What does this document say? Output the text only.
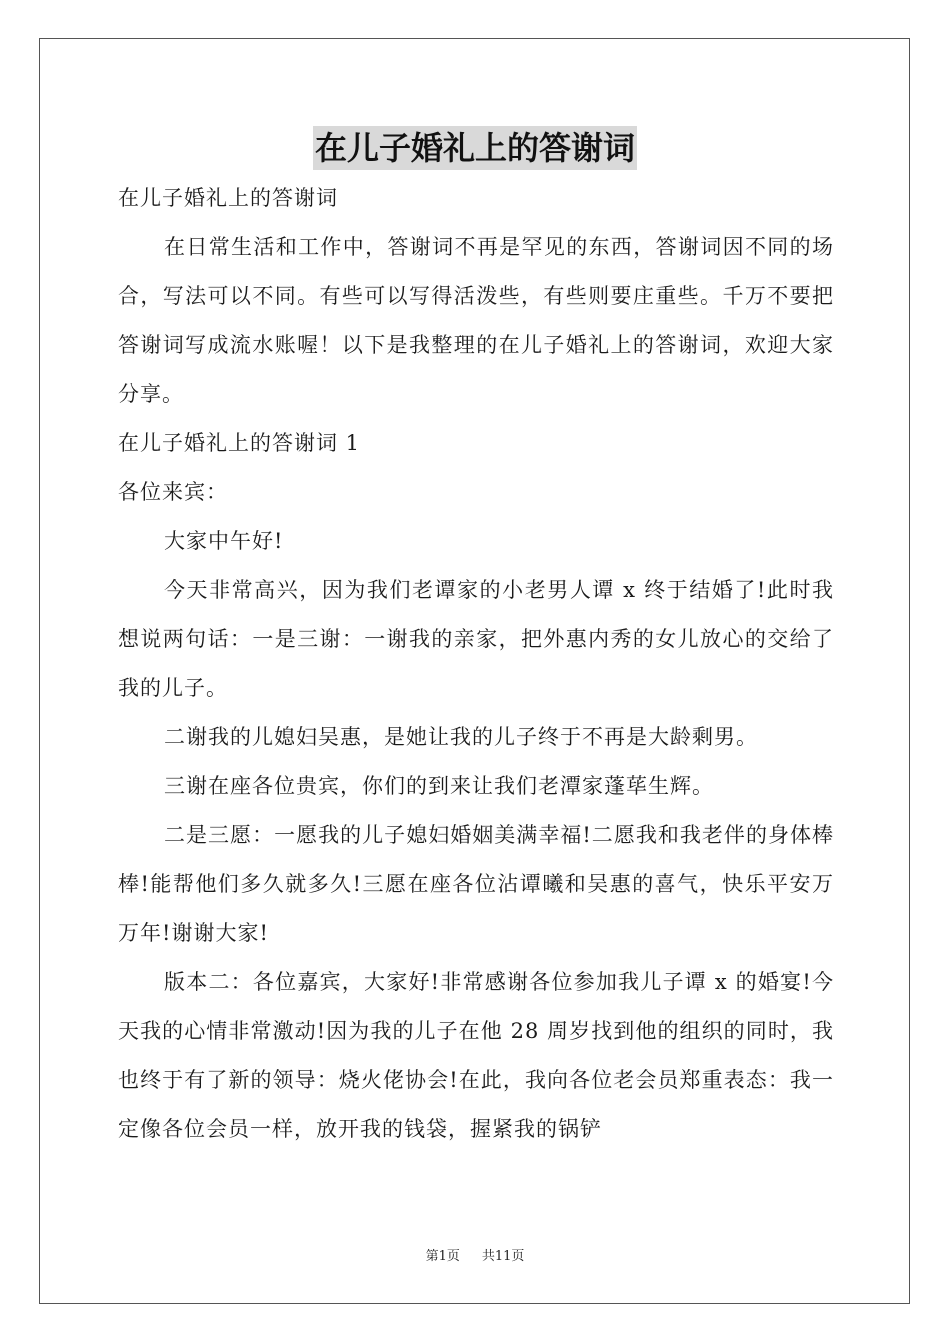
在儿子婚礼上的答谢词

在儿子婚礼上的答谢词

在日常生活和工作中，答谢词不再是罕见的东西，答谢词因不同的场合，写法可以不同。有些可以写得活泼些，有些则要庄重些。千万不要把答谢词写成流水账喔！以下是我整理的在儿子婚礼上的答谢词，欢迎大家分享。

在儿子婚礼上的答谢词 1

各位来宾：

大家中午好!

今天非常高兴，因为我们老谭家的小老男人谭 x 终于结婚了!此时我想说两句话：一是三谢：一谢我的亲家，把外惠内秀的女儿放心的交给了我的儿子。

二谢我的儿媳妇吴惠，是她让我的儿子终于不再是大龄剩男。

三谢在座各位贵宾，你们的到来让我们老潭家蓬荜生辉。

二是三愿：一愿我的儿子媳妇婚姻美满幸福!二愿我和我老伴的身体棒棒!能帮他们多久就多久!三愿在座各位沾谭曦和吴惠的喜气，快乐平安万万年!谢谢大家!

版本二：各位嘉宾，大家好!非常感谢各位参加我儿子谭 x 的婚宴!今天我的心情非常激动!因为我的儿子在他 28 周岁找到他的组织的同时，我也终于有了新的领导：烧火佬协会!在此，我向各位老会员郑重表态：我一定像各位会员一样，放开我的钱袋，握紧我的锅铲

第1页 共11页
